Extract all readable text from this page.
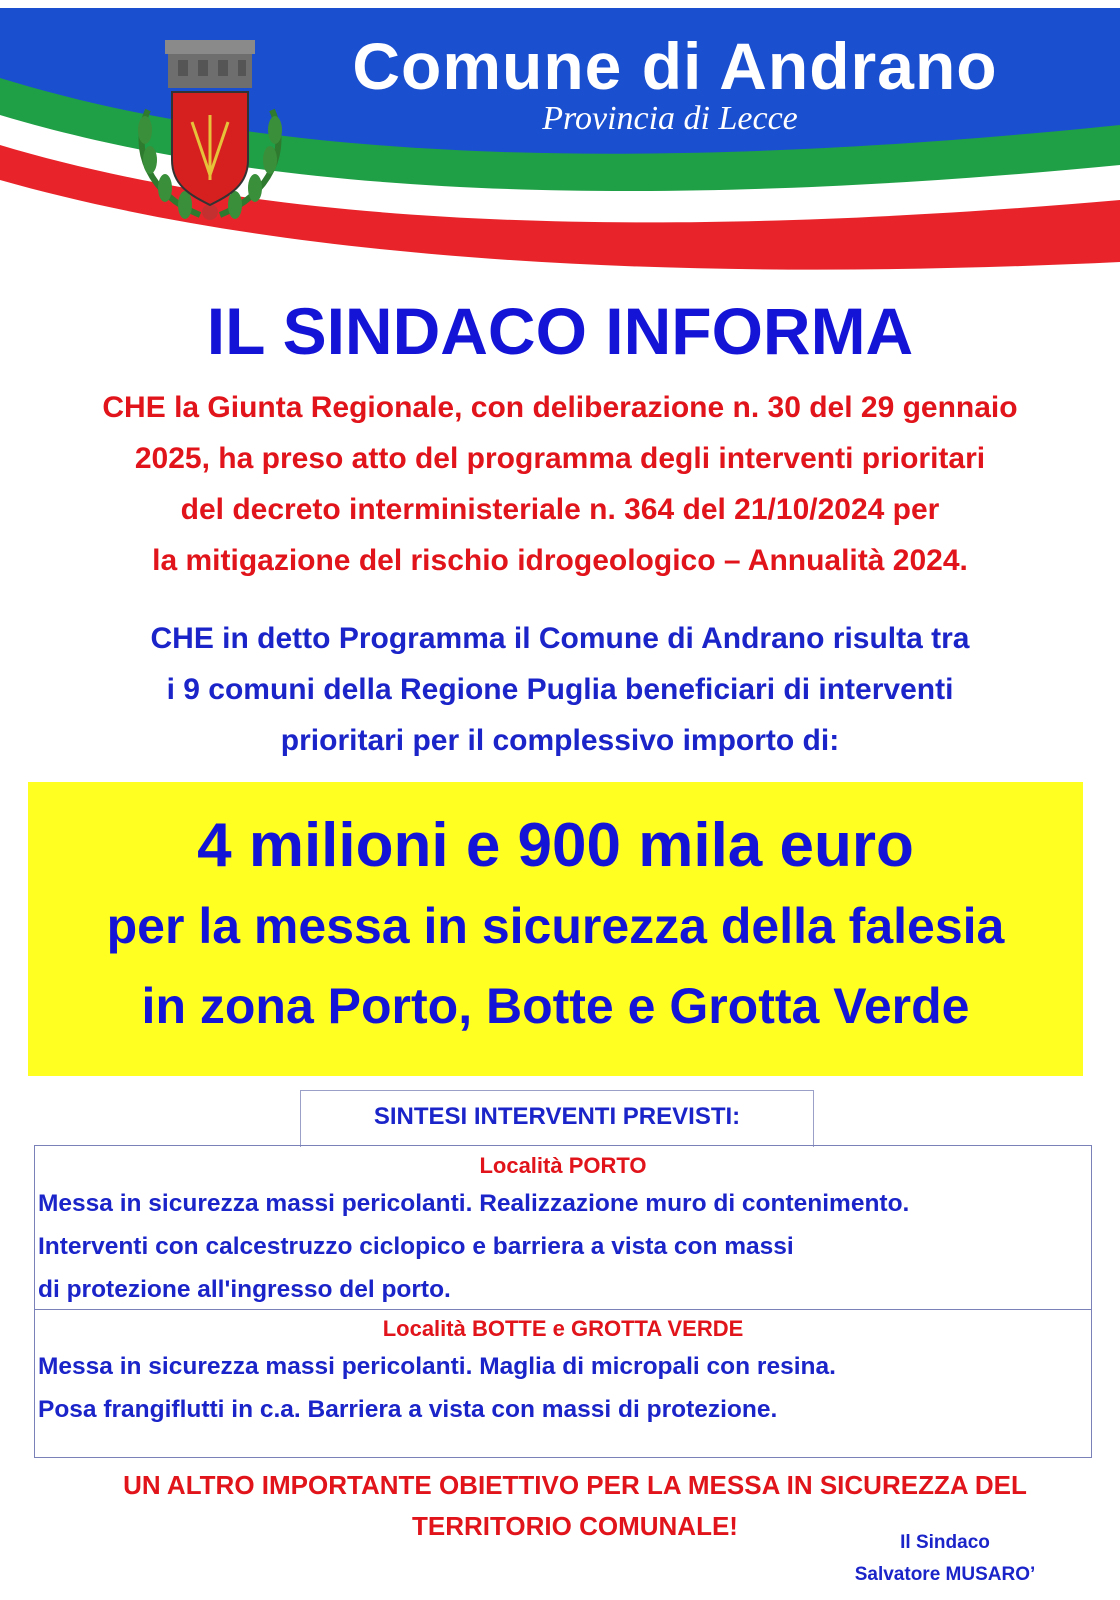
Comune di Andrano
Provincia di Lecce
IL SINDACO INFORMA
CHE la Giunta Regionale, con deliberazione n. 30 del 29 gennaio
2025, ha preso atto del programma degli interventi prioritari
del decreto interministeriale n. 364 del 21/10/2024 per
la mitigazione del rischio idrogeologico – Annualità 2024.
CHE in detto Programma il Comune di Andrano risulta tra
i 9 comuni della Regione Puglia beneficiari di interventi
prioritari per il complessivo importo di:
4 milioni e 900 mila euro
per la messa in sicurezza della falesia
in zona Porto, Botte e Grotta Verde
SINTESI INTERVENTI PREVISTI:
Località PORTO
Messa in sicurezza massi pericolanti. Realizzazione muro di contenimento.
Interventi con calcestruzzo ciclopico e barriera a vista con massi
di protezione all'ingresso del porto.
Località BOTTE e GROTTA VERDE
Messa in sicurezza massi pericolanti. Maglia di micropali con resina.
Posa frangiflutti in c.a. Barriera a vista con massi di protezione.
UN ALTRO IMPORTANTE OBIETTIVO PER LA MESSA IN SICUREZZA DEL
TERRITORIO COMUNALE!
Il Sindaco
Salvatore MUSARO’
